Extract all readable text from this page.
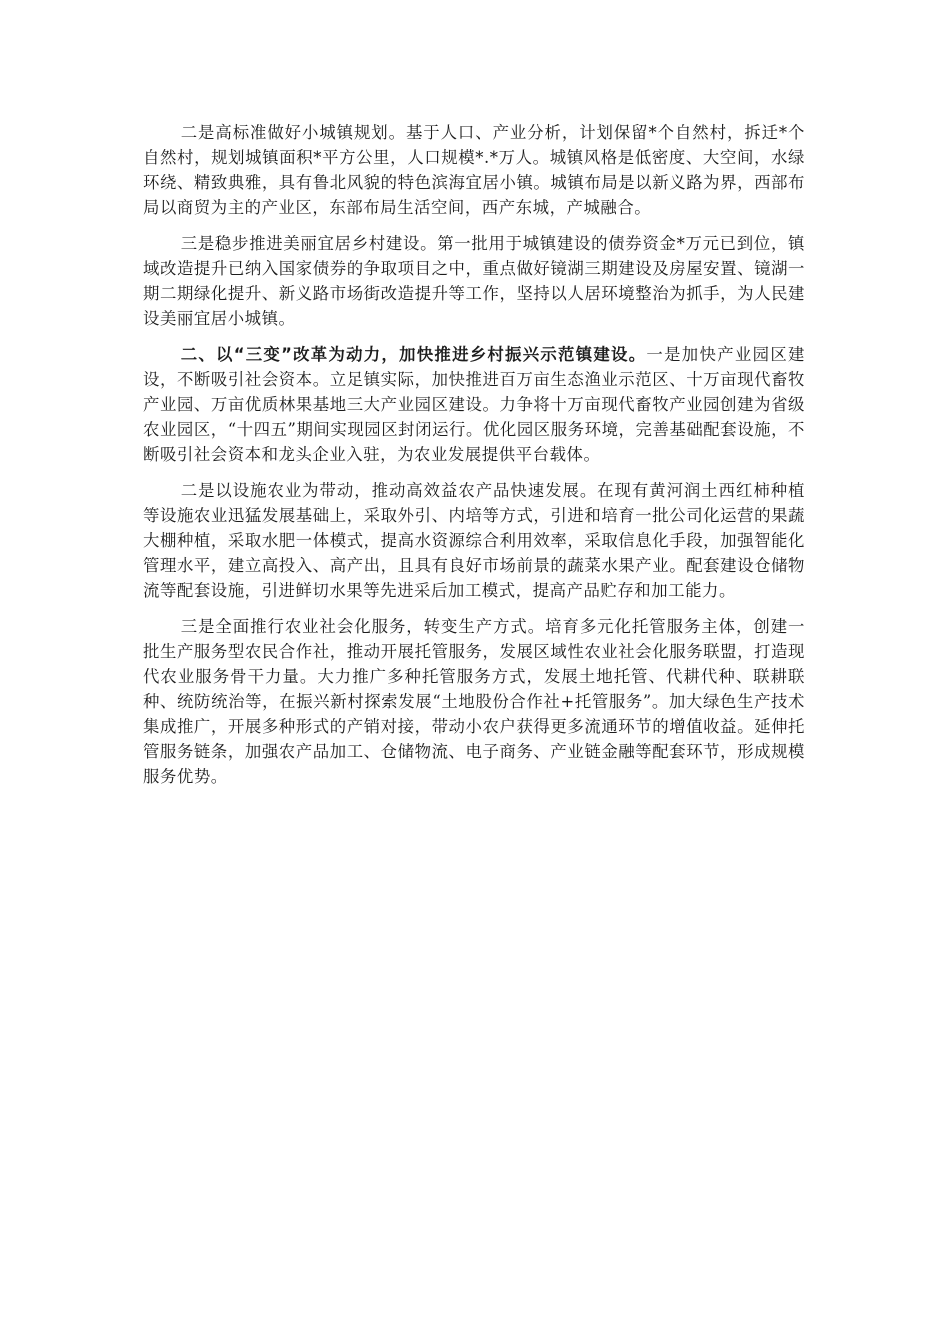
二是高标准做好小城镇规划。基于人口、产业分析，计划保留*个自然村，拆迁*个自然村，规划城镇面积*平方公里，人口规模*.*万人。城镇风格是低密度、大空间，水绿环绕、精致典雅，具有鲁北风貌的特色滨海宜居小镇。城镇布局是以新义路为界，西部布局以商贸为主的产业区，东部布局生活空间，西产东城，产城融合。

三是稳步推进美丽宜居乡村建设。第一批用于城镇建设的债券资金*万元已到位，镇域改造提升已纳入国家债券的争取项目之中，重点做好镜湖三期建设及房屋安置、镜湖一期二期绿化提升、新义路市场街改造提升等工作，坚持以人居环境整治为抓手，为人民建设美丽宜居小城镇。

二、以“三变”改革为动力，加快推进乡村振兴示范镇建设。一是加快产业园区建设，不断吸引社会资本。立足镇实际，加快推进百万亩生态渔业示范区、十万亩现代畜牧产业园、万亩优质林果基地三大产业园区建设。力争将十万亩现代畜牧产业园创建为省级农业园区，“十四五”期间实现园区封闭运行。优化园区服务环境，完善基础配套设施，不断吸引社会资本和龙头企业入驻，为农业发展提供平台载体。

二是以设施农业为带动，推动高效益农产品快速发展。在现有黄河润土西红柿种植等设施农业迅猛发展基础上，采取外引、内培等方式，引进和培育一批公司化运营的果蔬大棚种植，采取水肥一体模式，提高水资源综合利用效率，采取信息化手段，加强智能化管理水平，建立高投入、高产出，且具有良好市场前景的蔬菜水果产业。配套建设仓储物流等配套设施，引进鲜切水果等先进采后加工模式，提高产品贮存和加工能力。

三是全面推行农业社会化服务，转变生产方式。培育多元化托管服务主体，创建一批生产服务型农民合作社，推动开展托管服务，发展区域性农业社会化服务联盟，打造现代农业服务骨干力量。大力推广多种托管服务方式，发展土地托管、代耕代种、联耕联种、统防统治等，在振兴新村探索发展“土地股份合作社+托管服务”。加大绿色生产技术集成推广，开展多种形式的产销对接，带动小农户获得更多流通环节的增值收益。延伸托管服务链条，加强农产品加工、仓储物流、电子商务、产业链金融等配套环节，形成规模服务优势。
